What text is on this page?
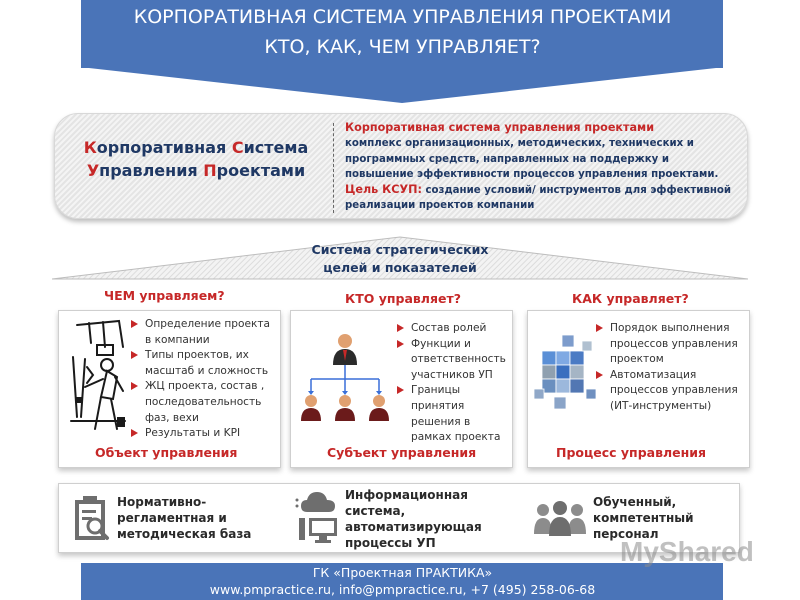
КОРПОРАТИВНАЯ СИСТЕМА УПРАВЛЕНИЯ ПРОЕКТАМИ
КТО, КАК, ЧЕМ УПРАВЛЯЕТ?
Корпоративная Система
Управления Проектами

Корпоративная система управления проектами

комплекс организационных, методических, технических и программных средств, направленных на поддержку и повышение эффективности процессов управления проектами.

Цель КСУП: создание условий/ инструментов для эффективной реализации проектов компании

Система стратегических
целей и показателей
ЧЕМ управляем?	КТО управляет?	КАК управляет?
Определение проекта в компании
Типы проектов, их масштаб и сложность
ЖЦ проекта, состав , последовательность фаз, вехи
Результаты и KPI
Объект управления
Состав ролей
Функции и ответственность участников УП
Границы принятия решения в рамках проекта
Субъект управления
Порядок выполнения процессов управления проектом
Автоматизация процессов управления (ИТ-инструменты)
Процесс управления
Нормативно-регламентная и методическая база
Информационная система, автоматизирующая процессы УП
Обученный, компетентный персонал
ГК «Проектная ПРАКТИКА»
www.pmpractice.ru, info@pmpractice.ru, +7 (495) 258-06-68
MyShared
